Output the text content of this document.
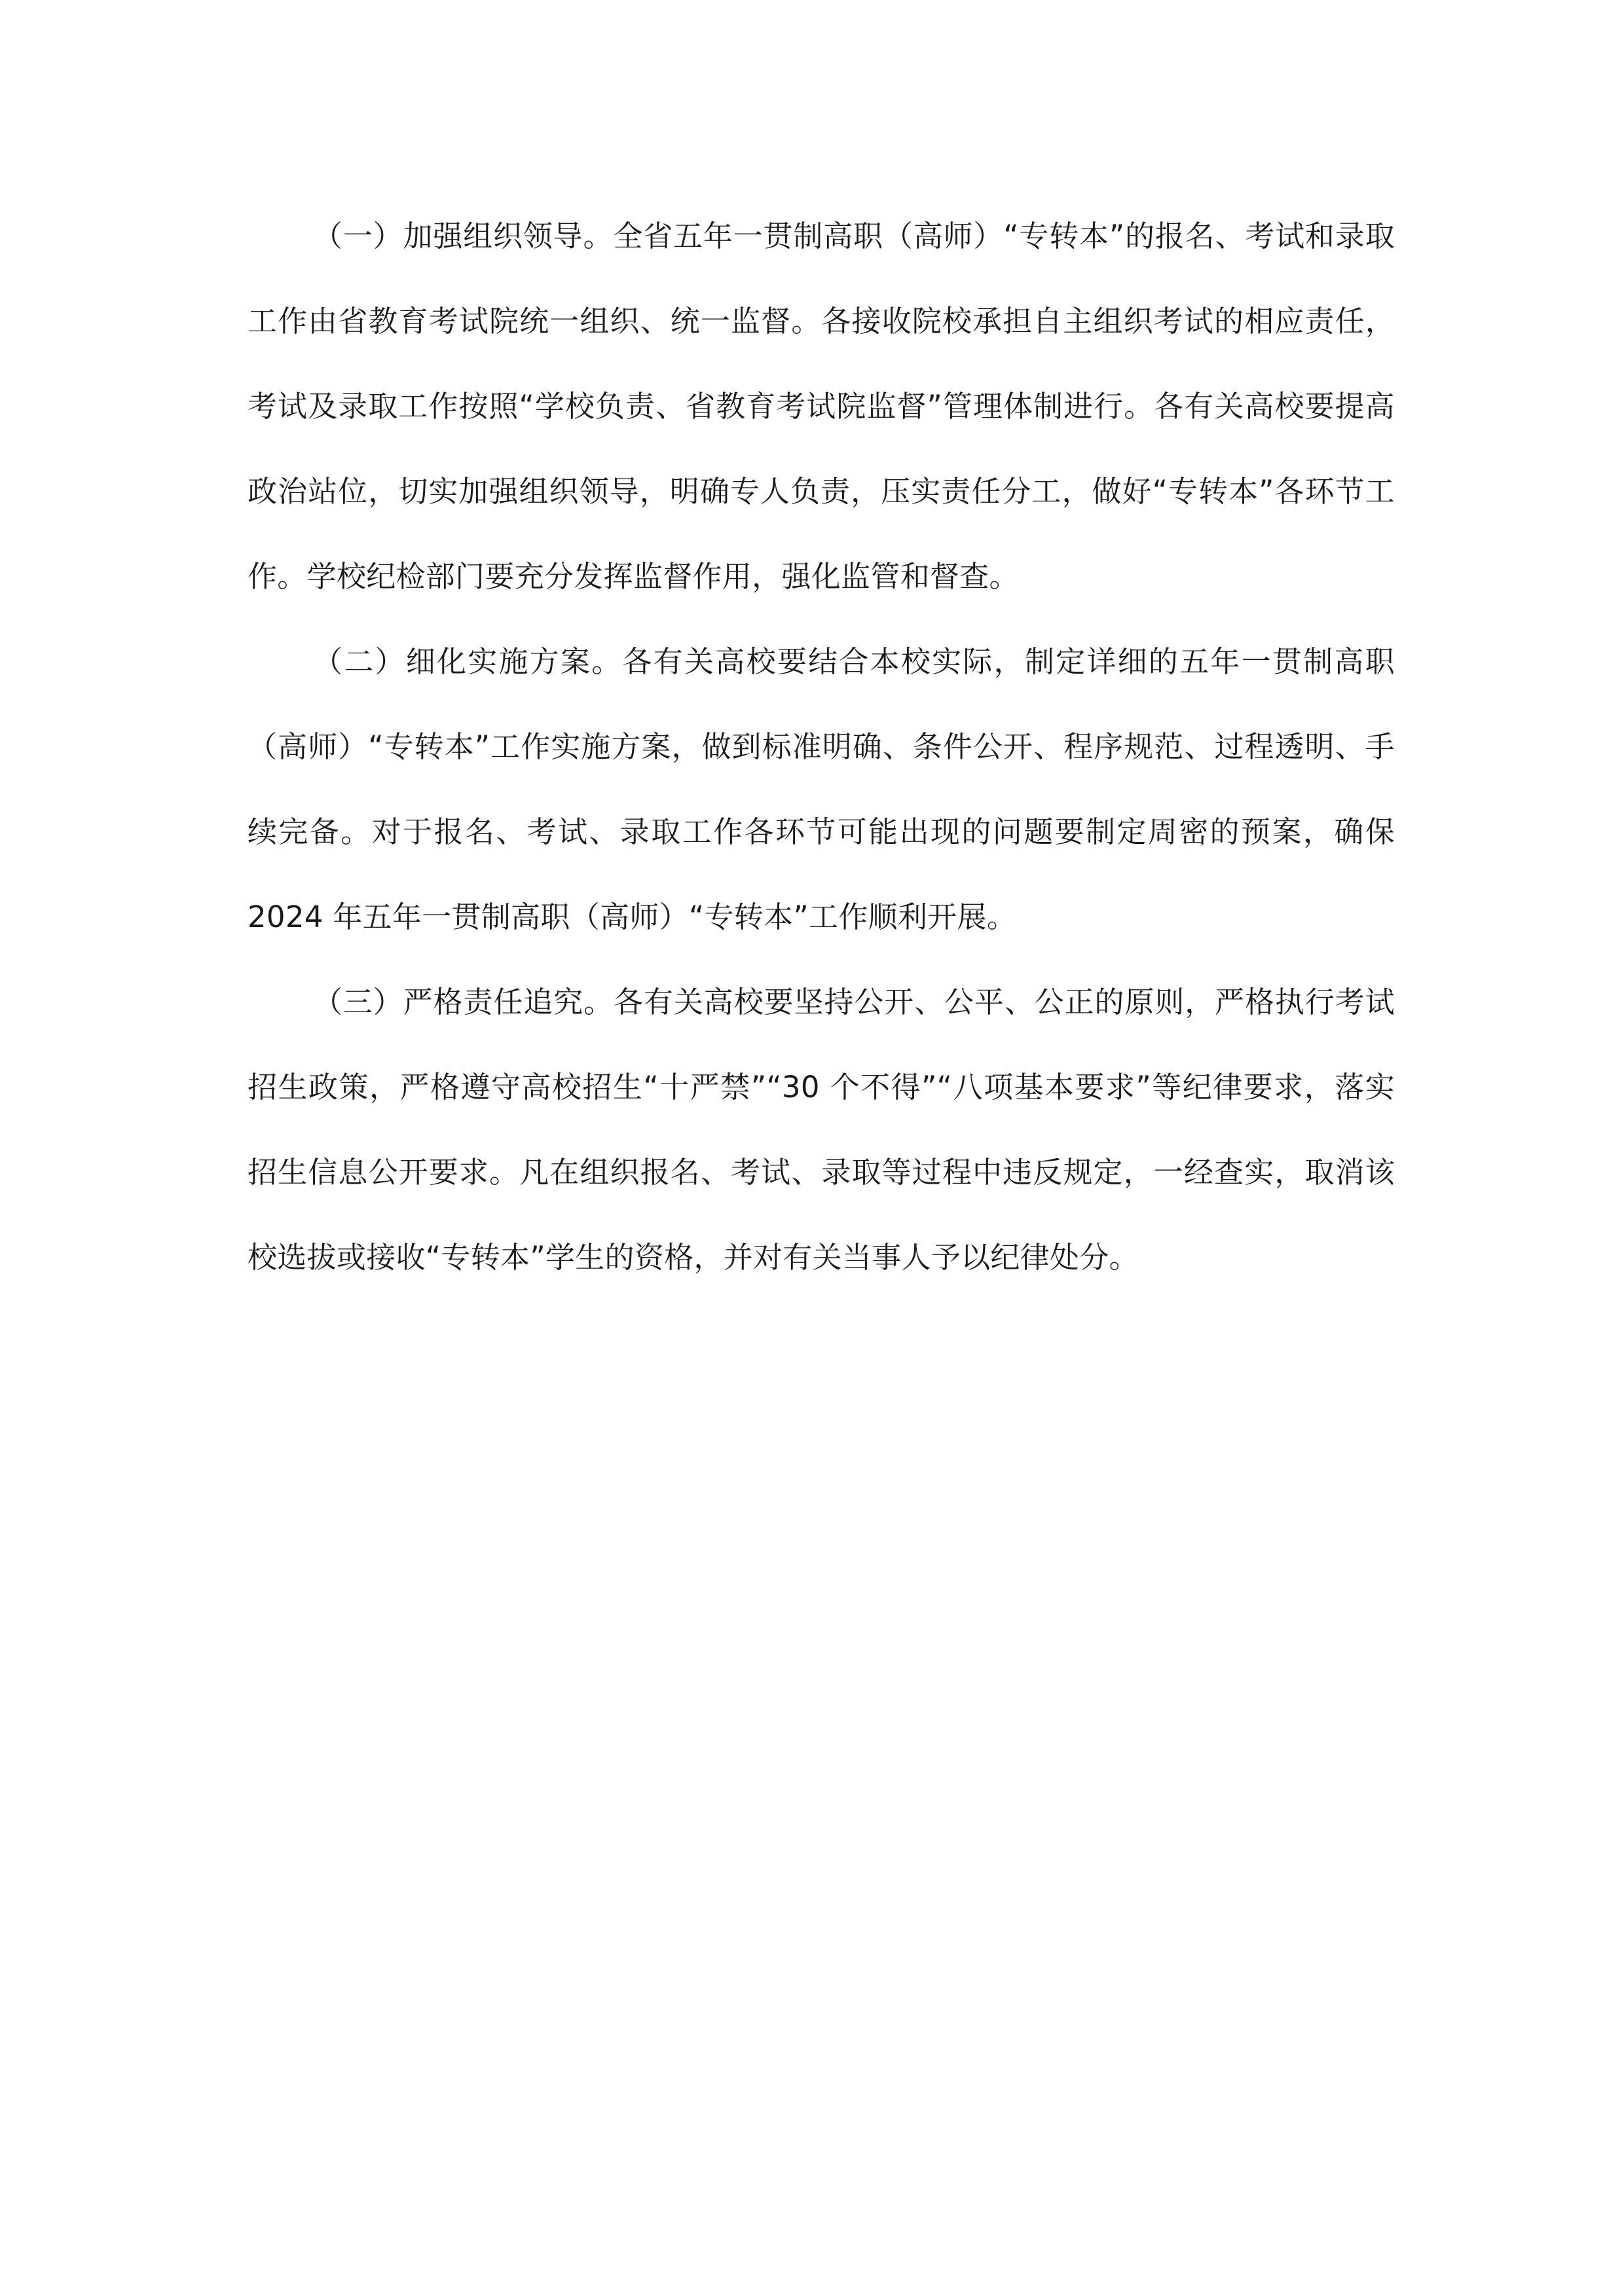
（一）加强组织领导。全省五年一贯制高职（高师）“专转本”的报名、考试和录取工作由省教育考试院统一组织、统一监督。各接收院校承担自主组织考试的相应责任，考试及录取工作按照“学校负责、省教育考试院监督”管理体制进行。各有关高校要提高政治站位，切实加强组织领导，明确专人负责，压实责任分工，做好“专转本”各环节工作。学校纪检部门要充分发挥监督作用，强化监管和督查。

（二）细化实施方案。各有关高校要结合本校实际，制定详细的五年一贯制高职（高师）“专转本”工作实施方案，做到标准明确、条件公开、程序规范、过程透明、手续完备。对于报名、考试、录取工作各环节可能出现的问题要制定周密的预案，确保 2024 年五年一贯制高职（高师）“专转本”工作顺利开展。

（三）严格责任追究。各有关高校要坚持公开、公平、公正的原则，严格执行考试招生政策，严格遵守高校招生“十严禁”“30 个不得”“八项基本要求”等纪律要求，落实招生信息公开要求。凡在组织报名、考试、录取等过程中违反规定，一经查实，取消该校选拔或接收“专转本”学生的资格，并对有关当事人予以纪律处分。
